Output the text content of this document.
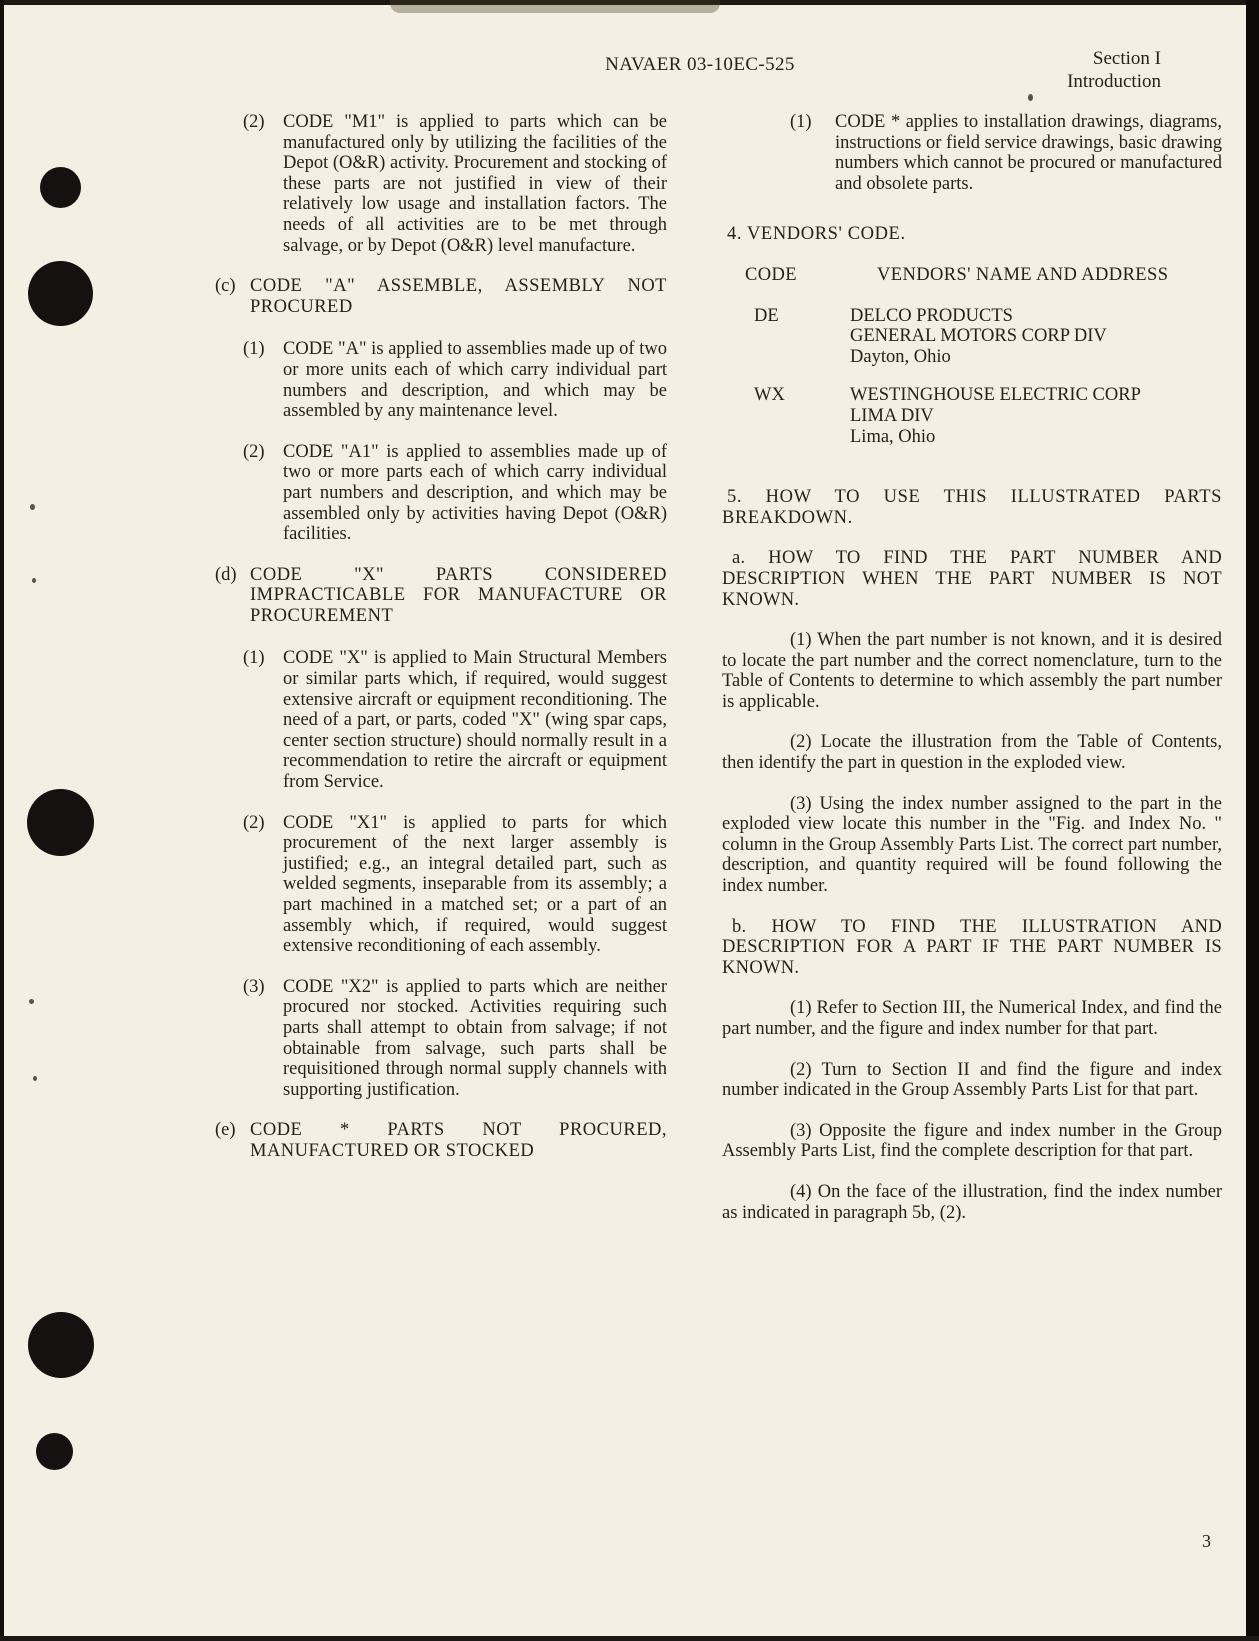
NAVAER 03-10EC-525	Section I
Introduction
(2) CODE "M1" is applied to parts which can be manufactured only by utilizing the facilities of the Depot (O&R) activity. Procurement and stocking of these parts are not justified in view of their relatively low usage and installation factors. The needs of all activities are to be met through salvage, or by Depot (O&R) level manufacture.
(c) CODE "A" ASSEMBLE, ASSEMBLY NOT PROCURED
(1) CODE "A" is applied to assemblies made up of two or more units each of which carry individual part numbers and description, and which may be assembled by any maintenance level.
(2) CODE "A1" is applied to assemblies made up of two or more parts each of which carry individual part numbers and description, and which may be assembled only by activities having Depot (O&R) facilities.
(d) CODE "X" PARTS CONSIDERED IMPRACTICABLE FOR MANUFACTURE OR PROCUREMENT
(1) CODE "X" is applied to Main Structural Members or similar parts which, if required, would suggest extensive aircraft or equipment reconditioning. The need of a part, or parts, coded "X" (wing spar caps, center section structure) should normally result in a recommendation to retire the aircraft or equipment from Service.
(2) CODE "X1" is applied to parts for which procurement of the next larger assembly is justified; e.g., an integral detailed part, such as welded segments, inseparable from its assembly; a part machined in a matched set; or a part of an assembly which, if required, would suggest extensive reconditioning of each assembly.
(3) CODE "X2" is applied to parts which are neither procured nor stocked. Activities requiring such parts shall attempt to obtain from salvage; if not obtainable from salvage, such parts shall be requisitioned through normal supply channels with supporting justification.
(e) CODE * PARTS NOT PROCURED, MANUFACTURED OR STOCKED
(1) CODE * applies to installation drawings, diagrams, instructions or field service drawings, basic drawing numbers which cannot be procured or manufactured and obsolete parts.
4. VENDORS' CODE.
CODE	VENDORS' NAME AND ADDRESS
DE	DELCO PRODUCTS
GENERAL MOTORS CORP DIV
Dayton, Ohio
WX	WESTINGHOUSE ELECTRIC CORP
LIMA DIV
Lima, Ohio
5. HOW TO USE THIS ILLUSTRATED PARTS BREAKDOWN.
a. HOW TO FIND THE PART NUMBER AND DESCRIPTION WHEN THE PART NUMBER IS NOT KNOWN.
(1) When the part number is not known, and it is desired to locate the part number and the correct nomenclature, turn to the Table of Contents to determine to which assembly the part number is applicable.
(2) Locate the illustration from the Table of Contents, then identify the part in question in the exploded view.
(3) Using the index number assigned to the part in the exploded view locate this number in the "Fig. and Index No. " column in the Group Assembly Parts List. The correct part number, description, and quantity required will be found following the index number.
b. HOW TO FIND THE ILLUSTRATION AND DESCRIPTION FOR A PART IF THE PART NUMBER IS KNOWN.
(1) Refer to Section III, the Numerical Index, and find the part number, and the figure and index number for that part.
(2) Turn to Section II and find the figure and index number indicated in the Group Assembly Parts List for that part.
(3) Opposite the figure and index number in the Group Assembly Parts List, find the complete description for that part.
(4) On the face of the illustration, find the index number as indicated in paragraph 5b, (2).
3
